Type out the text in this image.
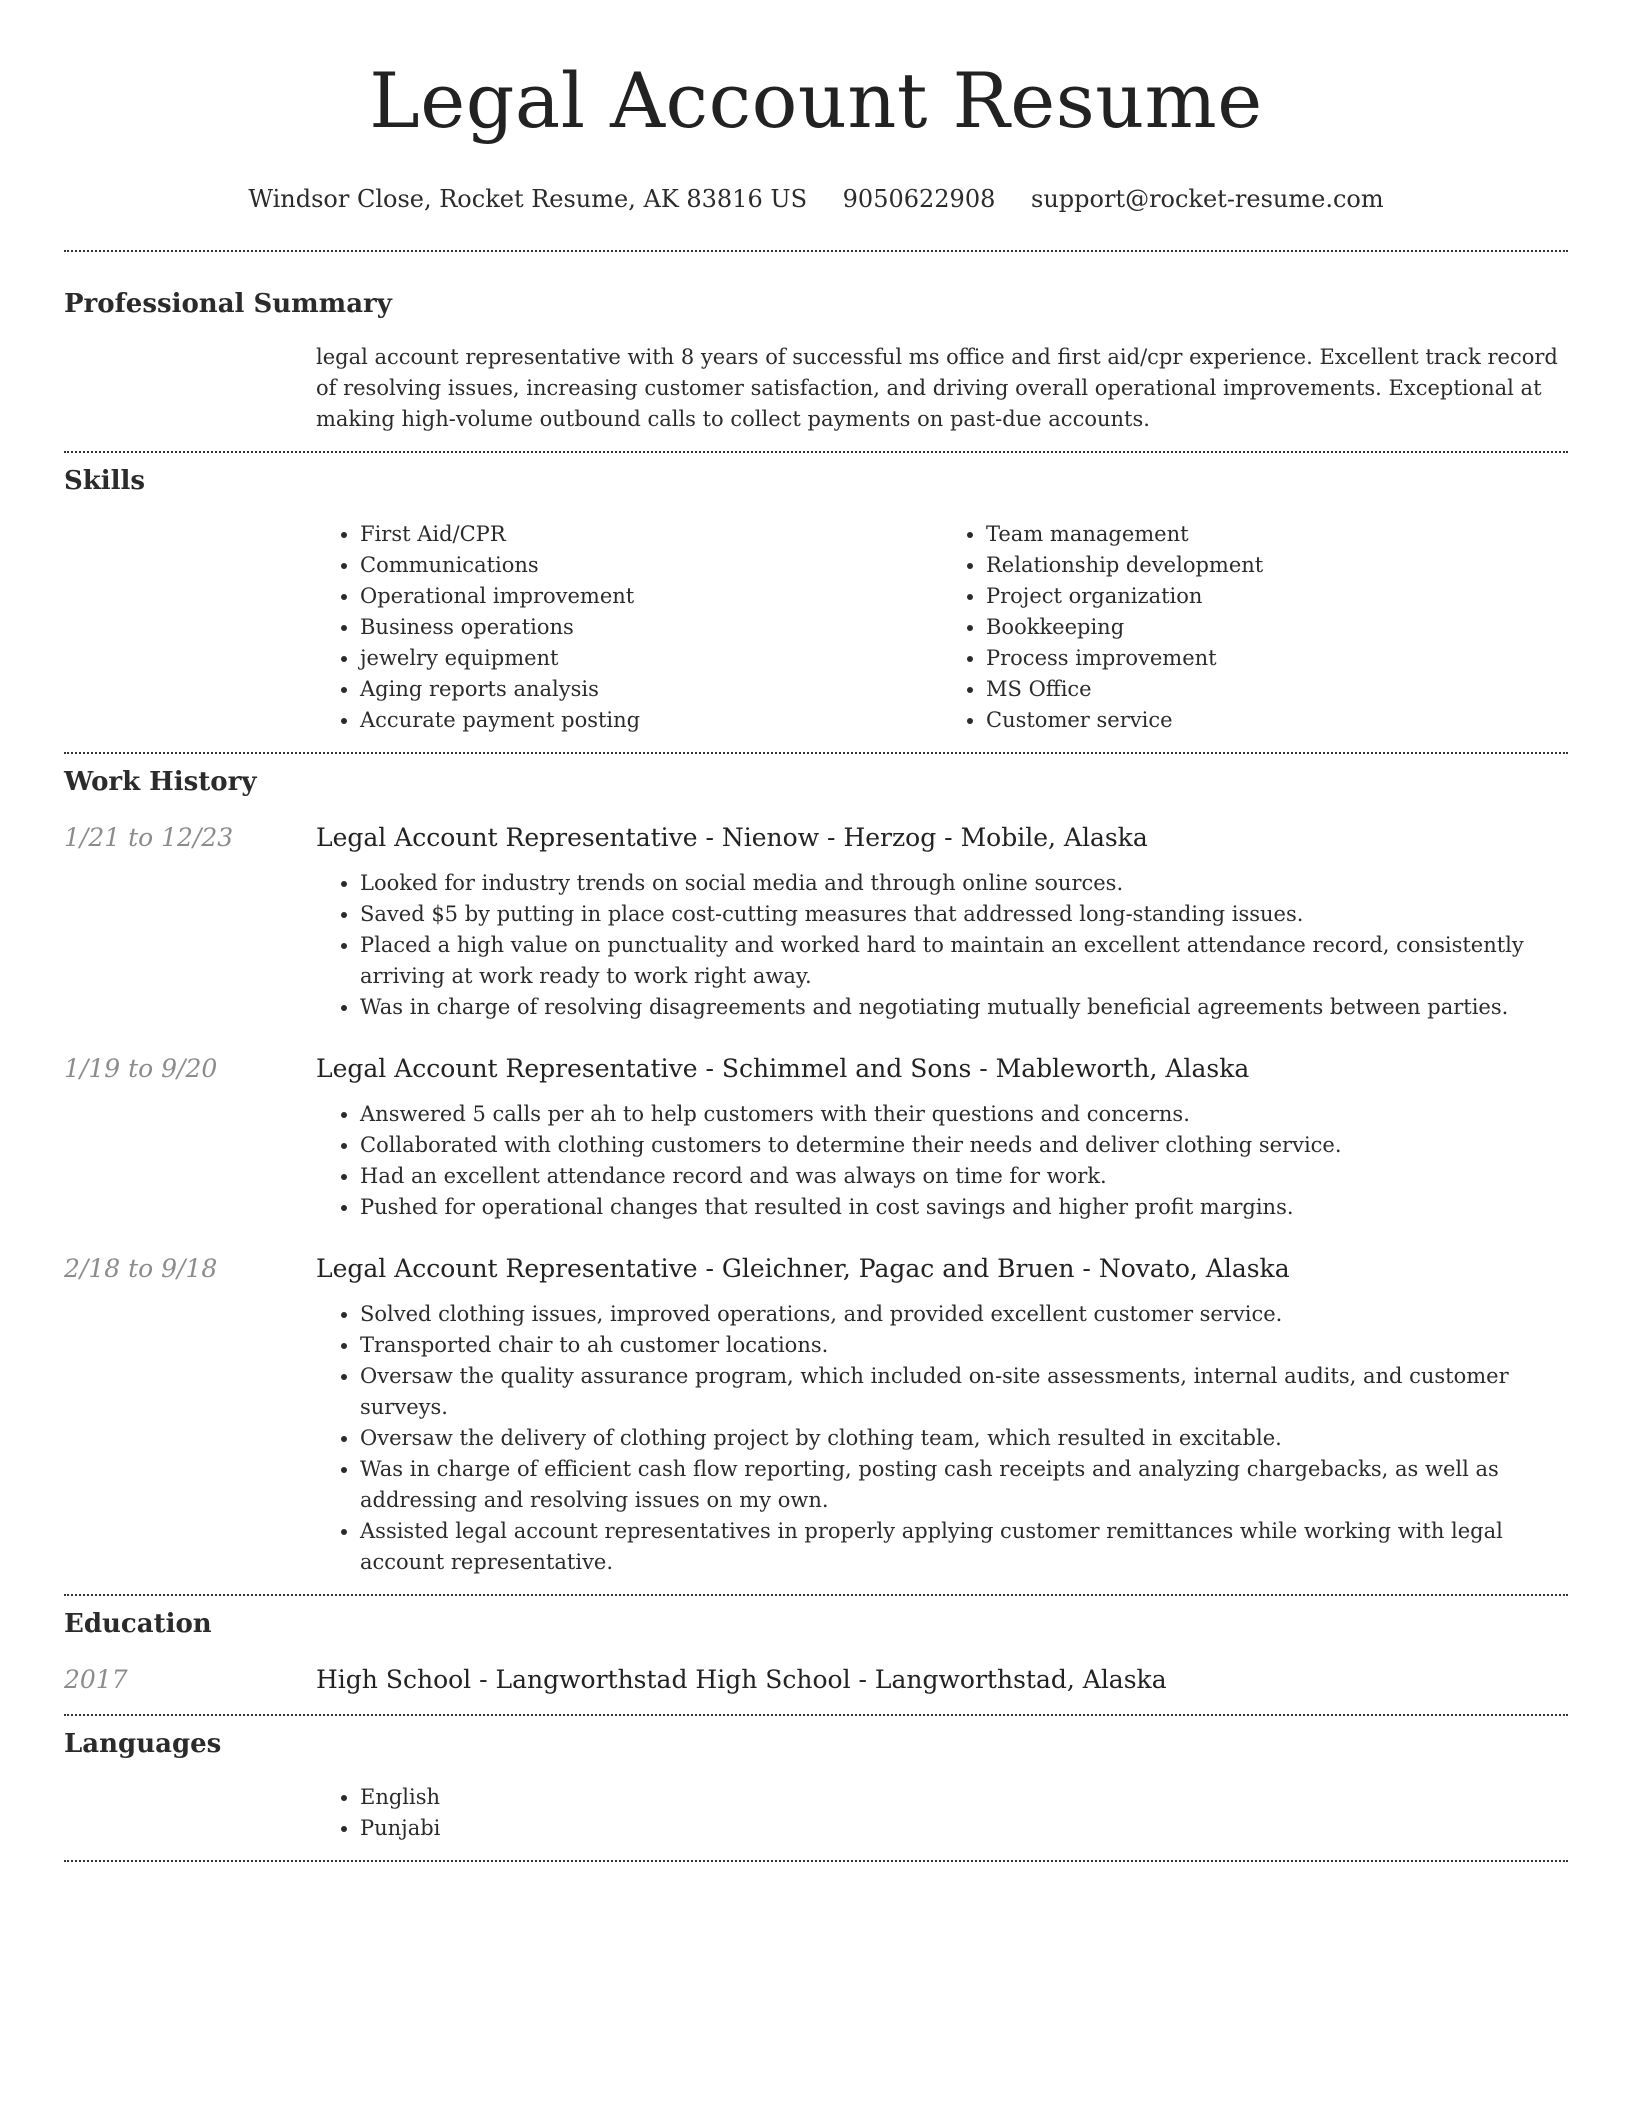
Legal Account Resume
Windsor Close, Rocket Resume, AK 83816 US 9050622908 support@rocket-resume.com
Professional Summary

legal account representative with 8 years of successful ms office and first aid/cpr experience. Excellent track record of resolving issues, increasing customer satisfaction, and driving overall operational improvements. Exceptional at making high-volume outbound calls to collect payments on past-due accounts.

Skills
• First Aid/CPR
• Communications
• Operational improvement
• Business operations
• jewelry equipment
• Aging reports analysis
• Accurate payment posting
• Team management
• Relationship development
• Project organization
• Bookkeeping
• Process improvement
• MS Office
• Customer service
Work History
1/21 to 12/23	Legal Account Representative - Nienow - Herzog - Mobile, Alaska
• Looked for industry trends on social media and through online sources.
• Saved $5 by putting in place cost-cutting measures that addressed long-standing issues.
• Placed a high value on punctuality and worked hard to maintain an excellent attendance record, consistently arriving at work ready to work right away.
• Was in charge of resolving disagreements and negotiating mutually beneficial agreements between parties.
1/19 to 9/20	Legal Account Representative - Schimmel and Sons - Mableworth, Alaska
• Answered 5 calls per ah to help customers with their questions and concerns.
• Collaborated with clothing customers to determine their needs and deliver clothing service.
• Had an excellent attendance record and was always on time for work.
• Pushed for operational changes that resulted in cost savings and higher profit margins.
2/18 to 9/18	Legal Account Representative - Gleichner, Pagac and Bruen - Novato, Alaska
• Solved clothing issues, improved operations, and provided excellent customer service.
• Transported chair to ah customer locations.
• Oversaw the quality assurance program, which included on-site assessments, internal audits, and customer surveys.
• Oversaw the delivery of clothing project by clothing team, which resulted in excitable.
• Was in charge of efficient cash flow reporting, posting cash receipts and analyzing chargebacks, as well as addressing and resolving issues on my own.
• Assisted legal account representatives in properly applying customer remittances while working with legal account representative.
Education
2017	High School - Langworthstad High School - Langworthstad, Alaska
Languages
• English
• Punjabi
